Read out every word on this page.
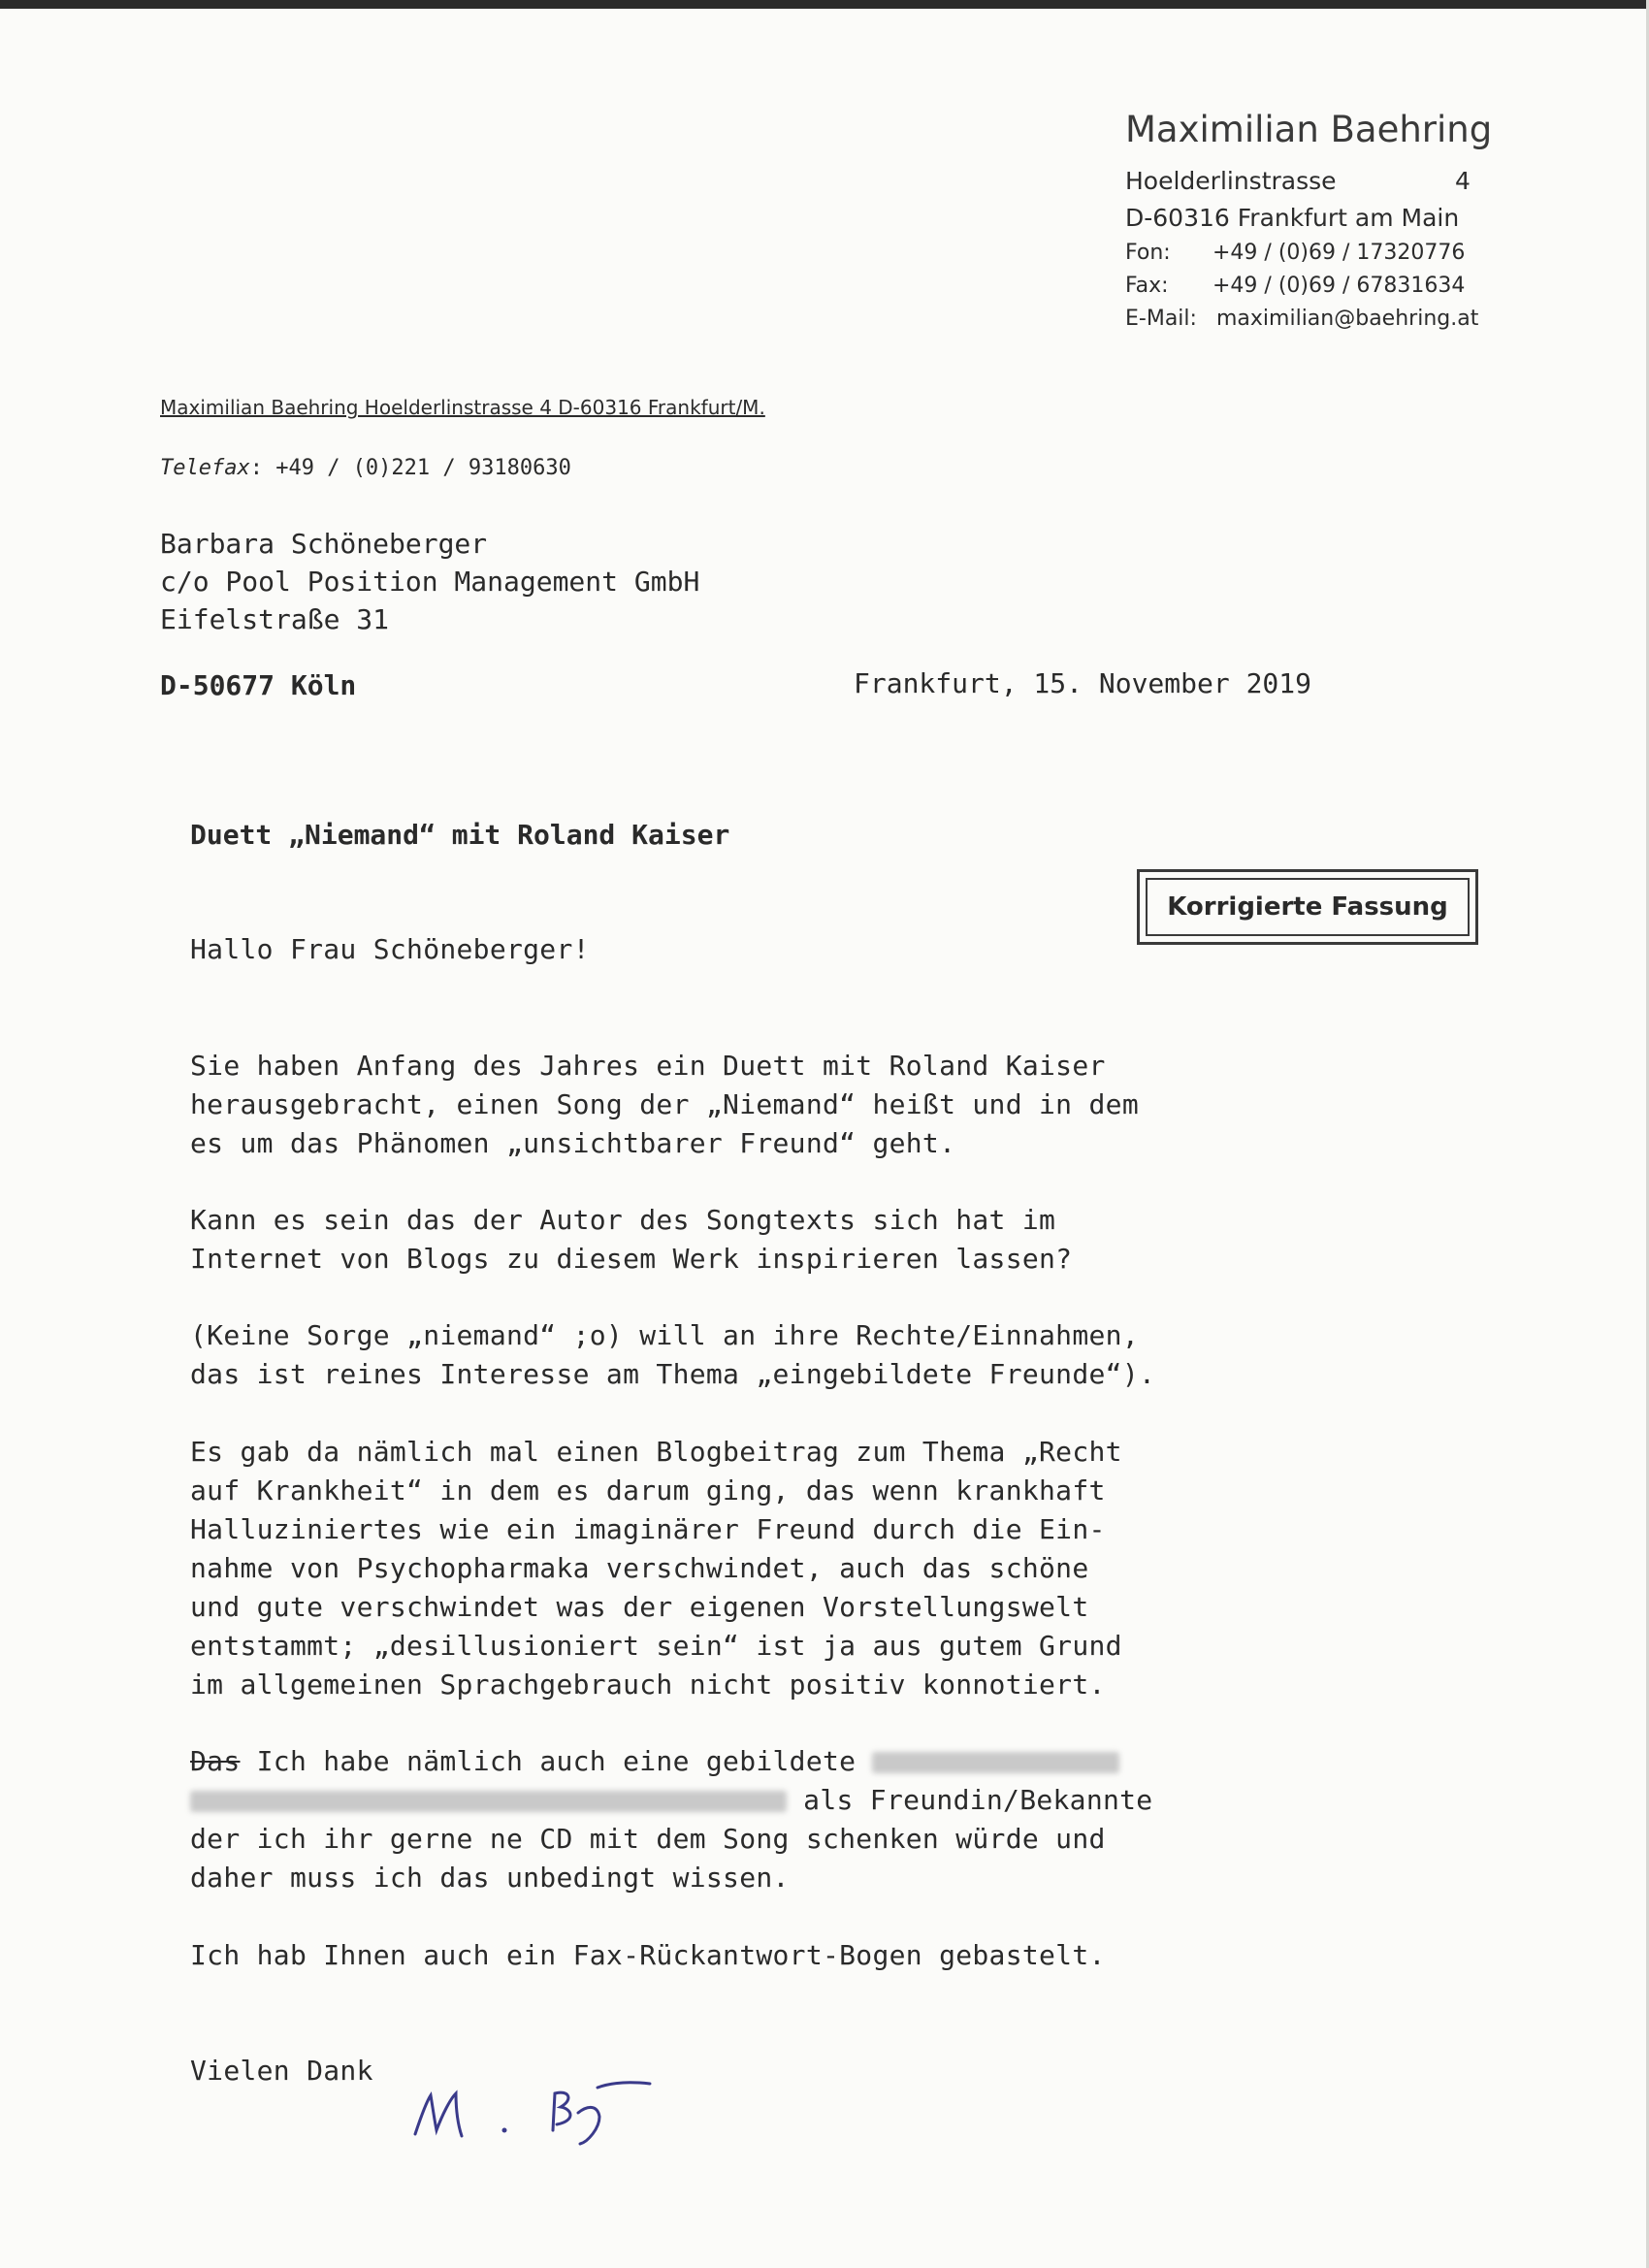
Maximilian Baehring
Hoelderlinstrasse	4
D-60316 Frankfurt am Main
Fon: +49 / (0)69 / 17320776
Fax: +49 / (0)69 / 67831634
E-Mail: maximilian@baehring.at
Maximilian Baehring Hoelderlinstrasse 4 D-60316 Frankfurt/M.
Telefax: +49 / (0)221 / 93180630
Barbara Schöneberger
c/o Pool Position Management GmbH
Eifelstraße 31
D-50677 Köln	Frankfurt, 15. November 2019
Duett „Niemand“ mit Roland Kaiser
Korrigierte Fassung
Hallo Frau Schöneberger!
Sie haben Anfang des Jahres ein Duett mit Roland Kaiser
herausgebracht, einen Song der „Niemand“ heißt und in dem
es um das Phänomen „unsichtbarer Freund“ geht.
Kann es sein das der Autor des Songtexts sich hat im
Internet von Blogs zu diesem Werk inspirieren lassen?
(Keine Sorge „niemand“ ;o) will an ihre Rechte/Einnahmen,
das ist reines Interesse am Thema „eingebildete Freunde“).
Es gab da nämlich mal einen Blogbeitrag zum Thema „Recht
auf Krankheit“ in dem es darum ging, das wenn krankhaft
Halluziniertes wie ein imaginärer Freund durch die Ein-
nahme von Psychopharmaka verschwindet, auch das schöne
und gute verschwindet was der eigenen Vorstellungswelt
entstammt; „desillusioniert sein“ ist ja aus gutem Grund
im allgemeinen Sprachgebrauch nicht positiv konnotiert.
Das Ich habe nämlich auch eine gebildete
als Freundin/Bekannte
der ich ihr gerne ne CD mit dem Song schenken würde und
daher muss ich das unbedingt wissen.
Ich hab Ihnen auch ein Fax-Rückantwort-Bogen gebastelt.
Vielen Dank
